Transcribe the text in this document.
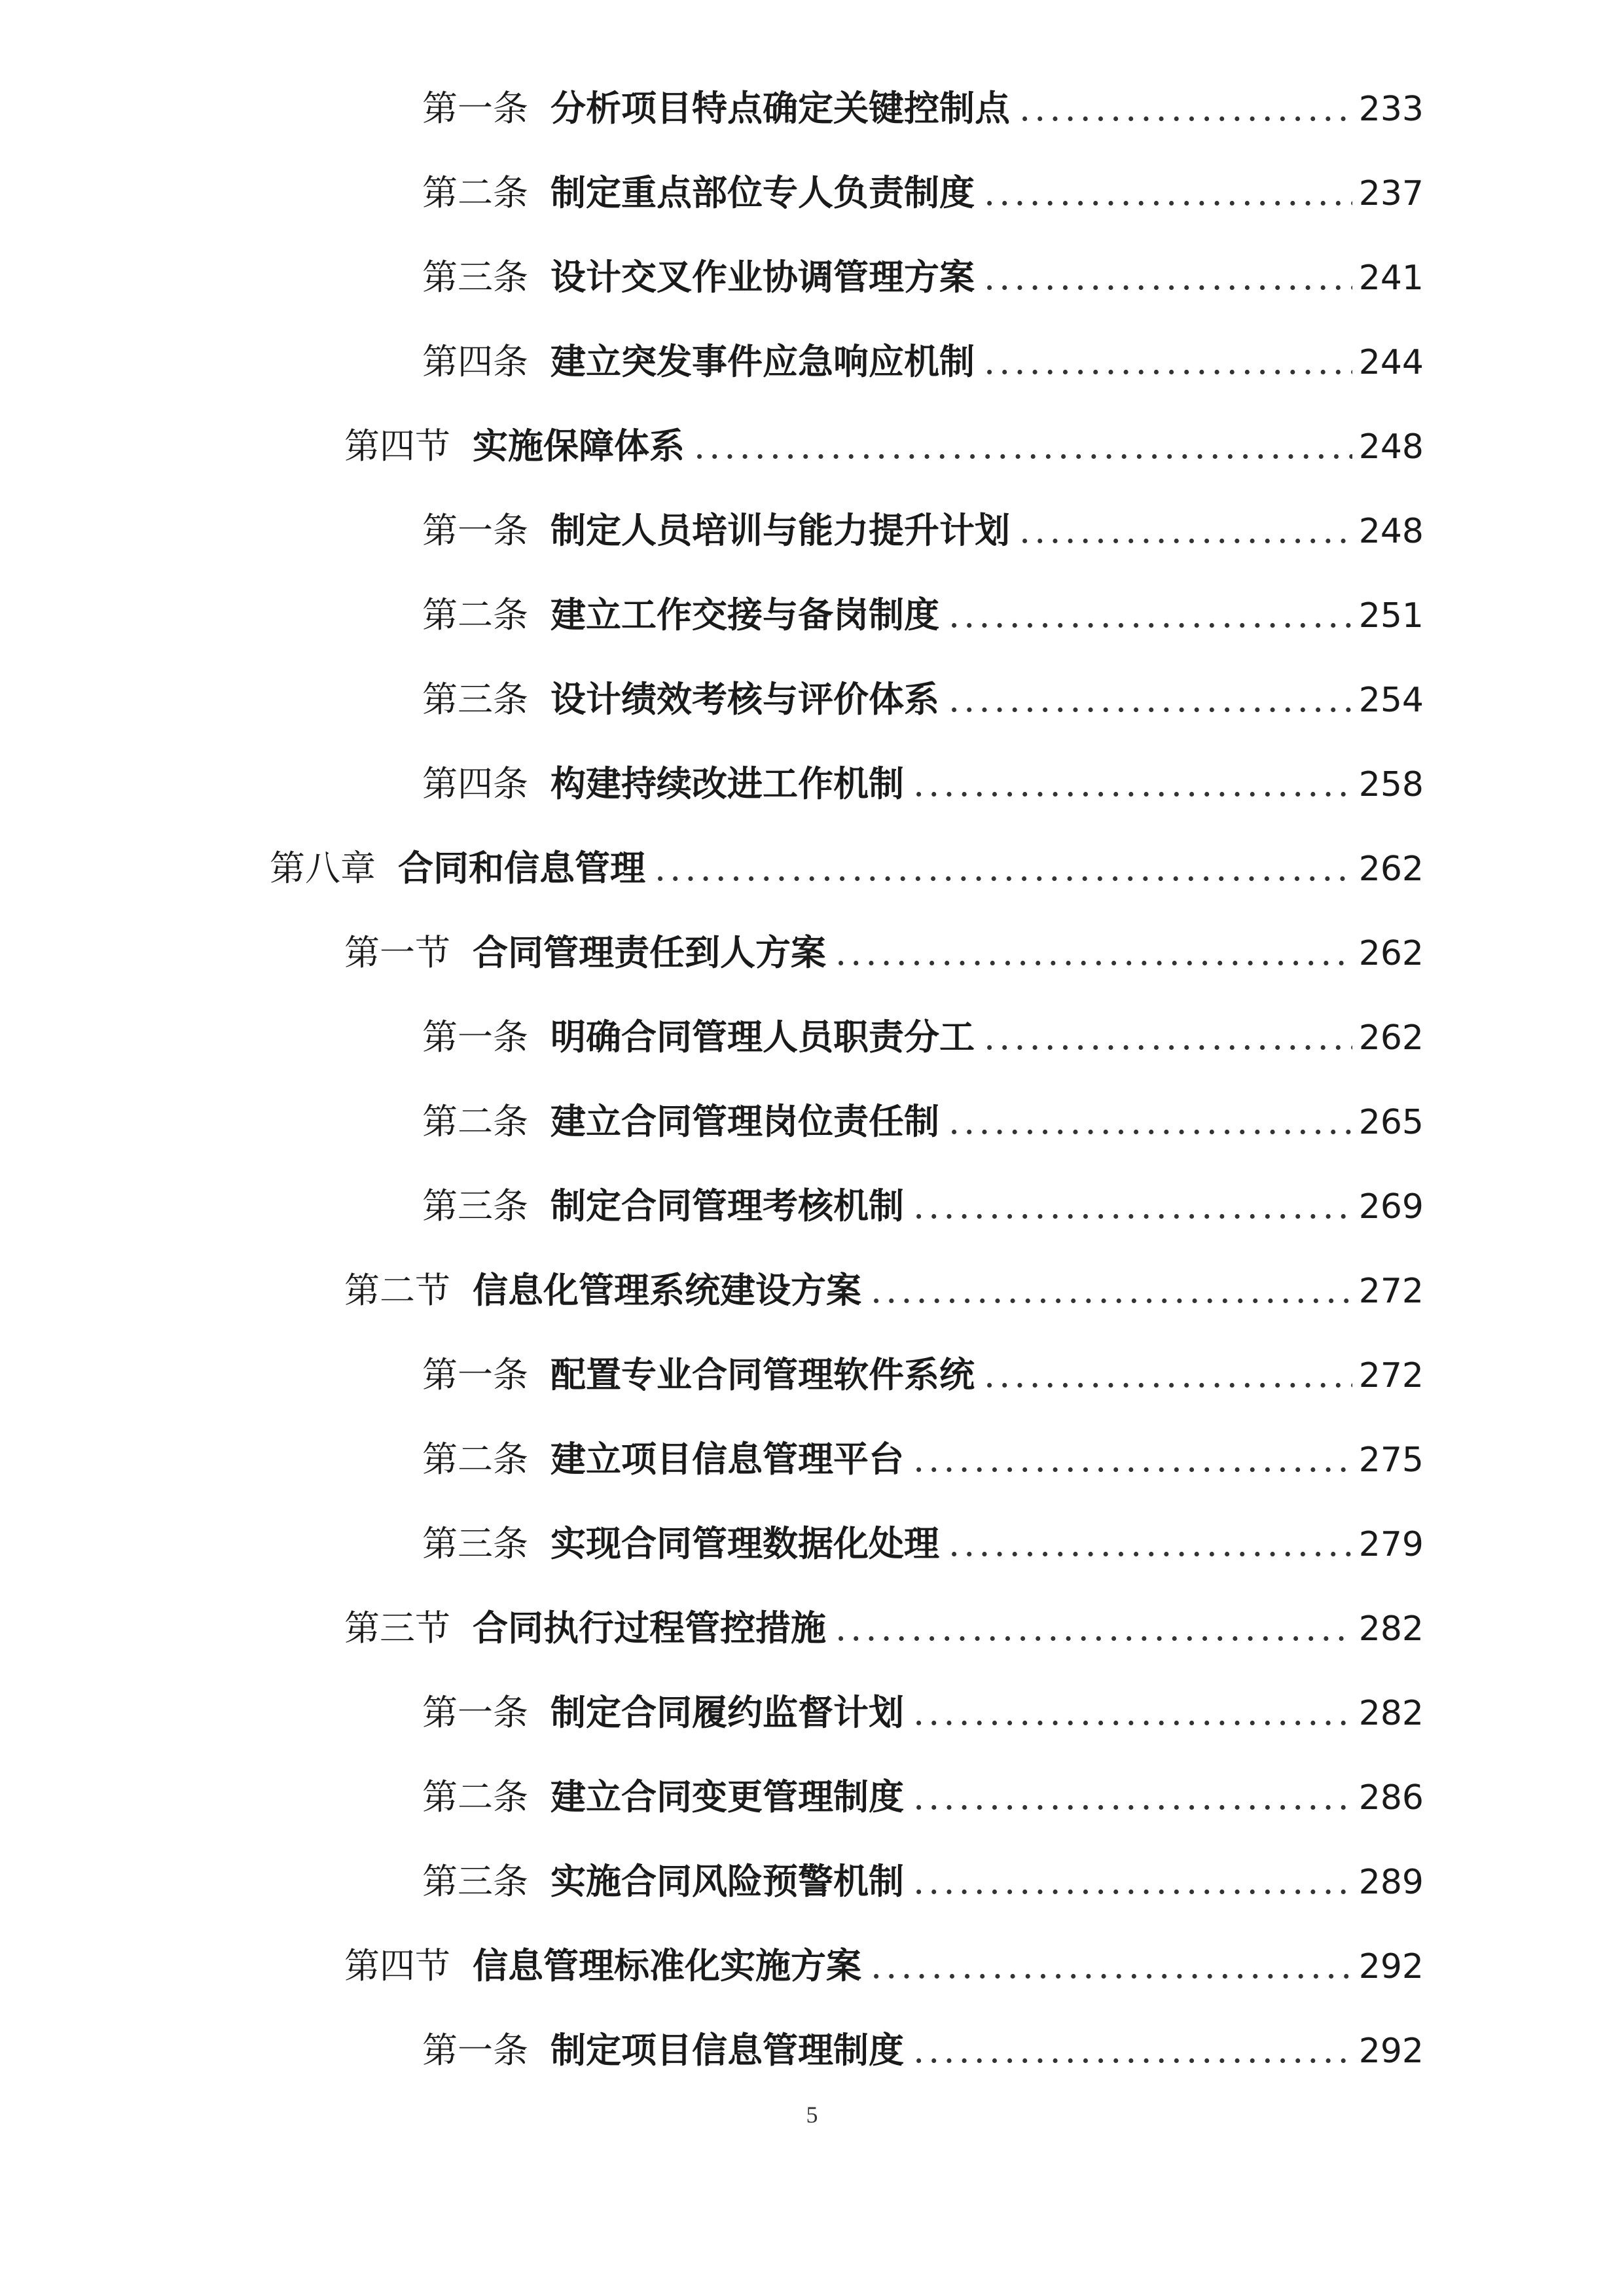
第一条 分析项目特点确定关键控制点 .....	233
第二条 制定重点部位专人负责制度 .....	237
第三条 设计交叉作业协调管理方案 .....	241
第四条 建立突发事件应急响应机制 .....	244
第四节 实施保障体系 .....	248
第一条 制定人员培训与能力提升计划 .....	248
第二条 建立工作交接与备岗制度 .....	251
第三条 设计绩效考核与评价体系 .....	254
第四条 构建持续改进工作机制 .....	258
第八章 合同和信息管理 .....	262
第一节 合同管理责任到人方案 .....	262
第一条 明确合同管理人员职责分工 .....	262
第二条 建立合同管理岗位责任制 .....	265
第三条 制定合同管理考核机制 .....	269
第二节 信息化管理系统建设方案 .....	272
第一条 配置专业合同管理软件系统 .....	272
第二条 建立项目信息管理平台 .....	275
第三条 实现合同管理数据化处理 .....	279
第三节 合同执行过程管控措施 .....	282
第一条 制定合同履约监督计划 .....	282
第二条 建立合同变更管理制度 .....	286
第三条 实施合同风险预警机制 .....	289
第四节 信息管理标准化实施方案 .....	292
第一条 制定项目信息管理制度 .....	292
5
